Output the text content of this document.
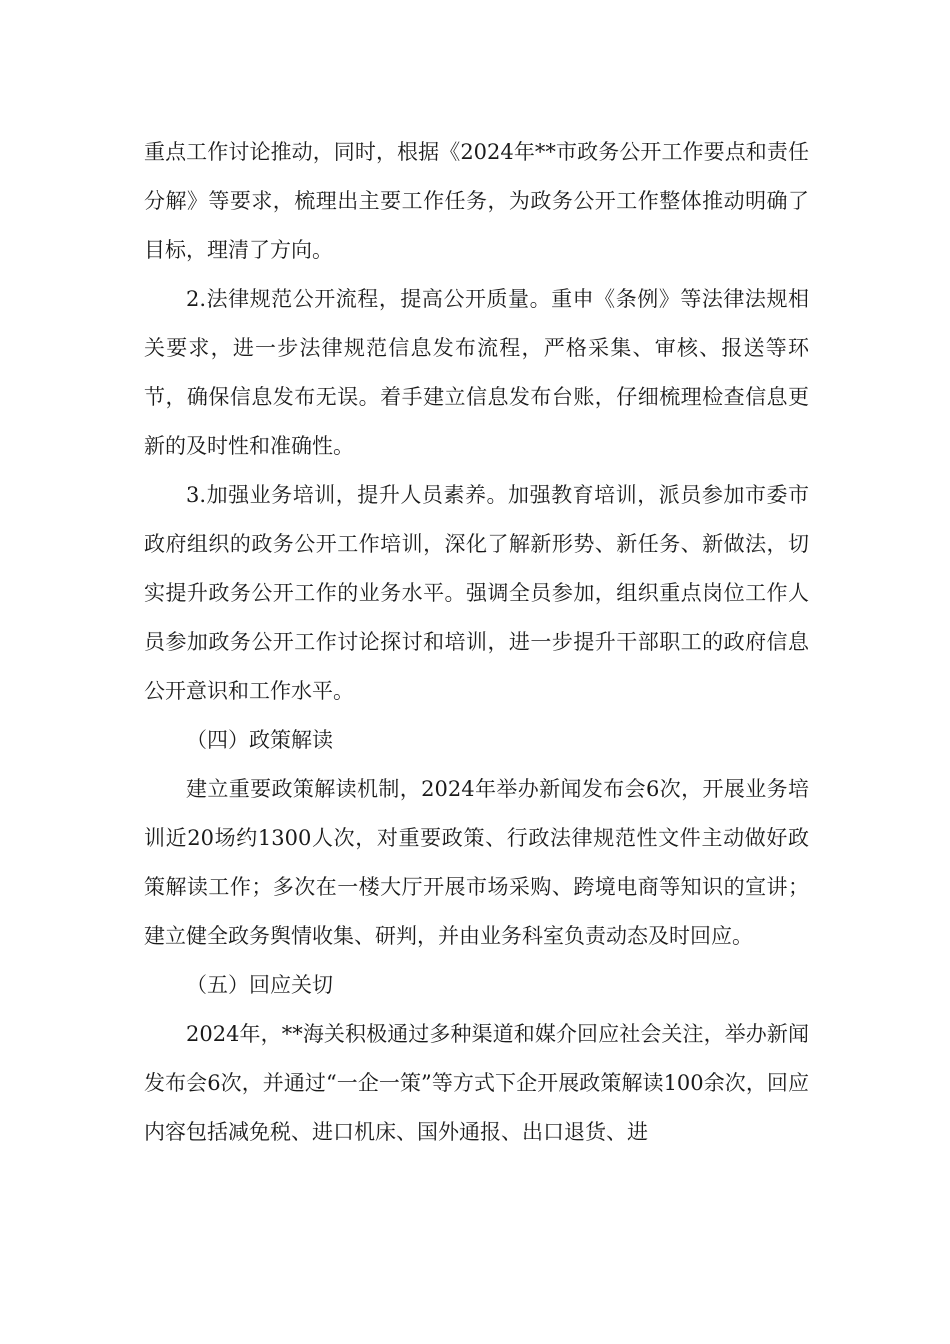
重点工作讨论推动，同时，根据《2024年**市政务公开工作要点和责任分解》等要求，梳理出主要工作任务，为政务公开工作整体推动明确了目标，理清了方向。

2.法律规范公开流程，提高公开质量。重申《条例》等法律法规相关要求，进一步法律规范信息发布流程，严格采集、审核、报送等环节，确保信息发布无误。着手建立信息发布台账，仔细梳理检查信息更新的及时性和准确性。

3.加强业务培训，提升人员素养。加强教育培训，派员参加市委市政府组织的政务公开工作培训，深化了解新形势、新任务、新做法，切实提升政务公开工作的业务水平。强调全员参加，组织重点岗位工作人员参加政务公开工作讨论探讨和培训，进一步提升干部职工的政府信息公开意识和工作水平。

（四）政策解读

建立重要政策解读机制，2024年举办新闻发布会6次，开展业务培训近20场约1300人次，对重要政策、行政法律规范性文件主动做好政策解读工作；多次在一楼大厅开展市场采购、跨境电商等知识的宣讲；建立健全政务舆情收集、研判，并由业务科室负责动态及时回应。

（五）回应关切

2024年，**海关积极通过多种渠道和媒介回应社会关注，举办新闻发布会6次，并通过“一企一策”等方式下企开展政策解读100余次，回应内容包括减免税、进口机床、国外通报、出口退货、进
